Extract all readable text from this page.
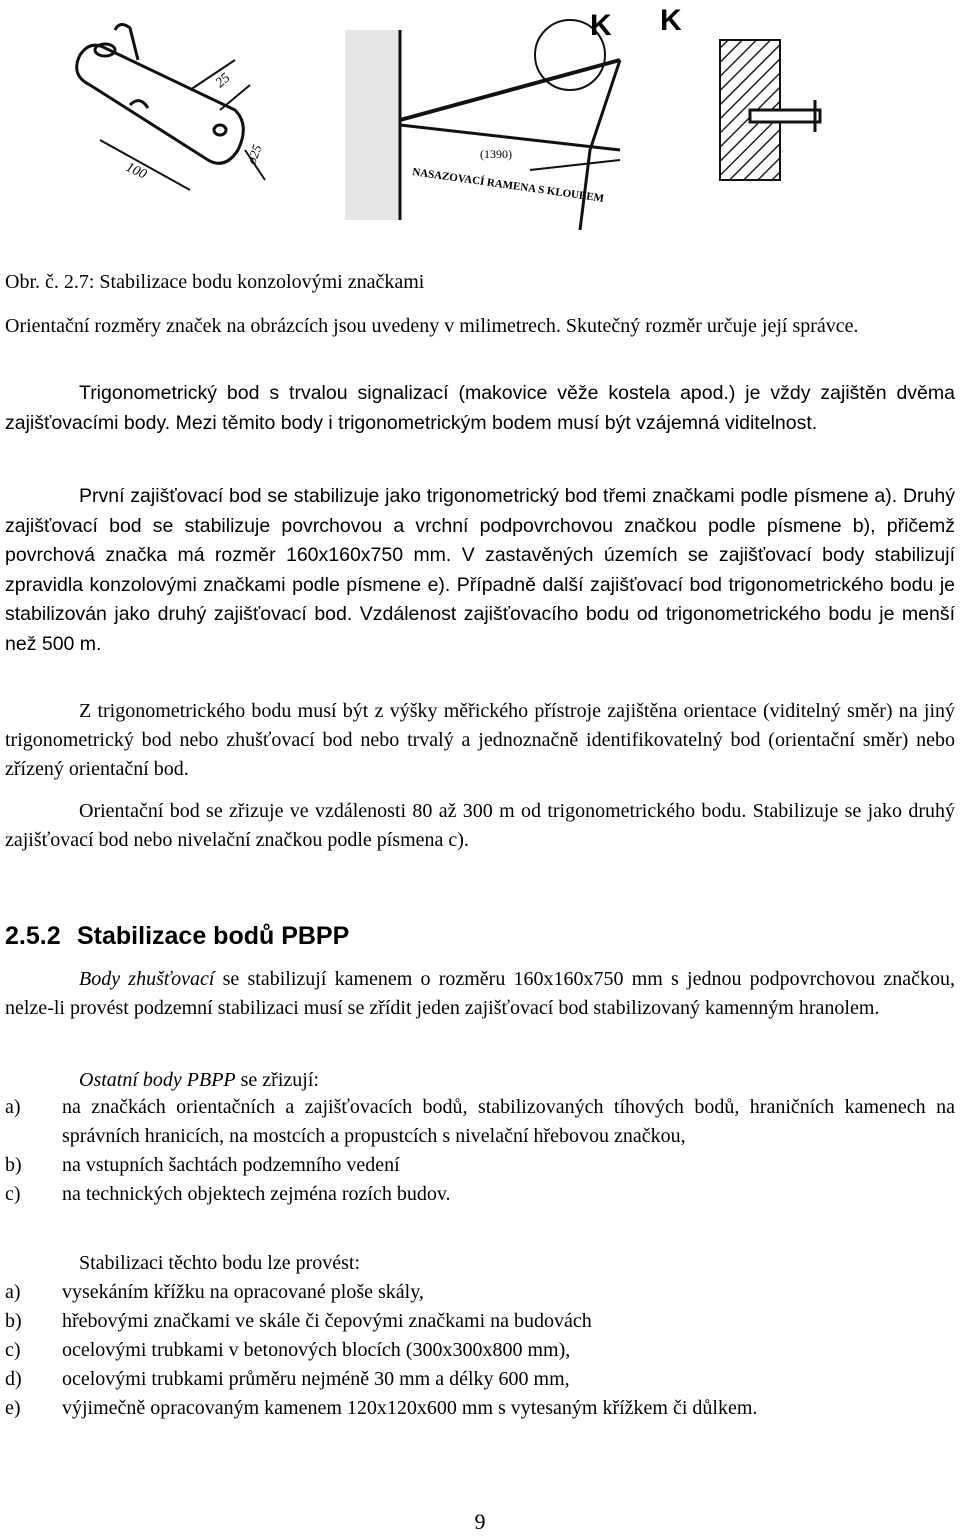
25
100
ø25	(1390)
NASAZOVACÍ RAMENA S KLOUBEM
K K
Obr. č. 2.7: Stabilizace bodu konzolovými značkami
Orientační rozměry značek na obrázcích jsou uvedeny v milimetrech. Skutečný rozměr určuje její správce.
Trigonometrický bod s trvalou signalizací (makovice věže kostela apod.) je vždy zajištěn dvěma zajišťovacími body. Mezi těmito body i trigonometrickým bodem musí být vzájemná viditelnost.
První zajišťovací bod se stabilizuje jako trigonometrický bod třemi značkami podle písmene a). Druhý zajišťovací bod se stabilizuje povrchovou a vrchní podpovrchovou značkou podle písmene b), přičemž povrchová značka má rozměr 160x160x750 mm. V zastavěných územích se zajišťovací body stabilizují zpravidla konzolovými značkami podle písmene e). Případně další zajišťovací bod trigonometrického bodu je stabilizován jako druhý zajišťovací bod. Vzdálenost zajišťovacího bodu od trigonometrického bodu je menší než 500 m.
Z trigonometrického bodu musí být z výšky měřického přístroje zajištěna orientace (viditelný směr) na jiný trigonometrický bod nebo zhušťovací bod nebo trvalý a jednoznačně identifikovatelný bod (orientační směr) nebo zřízený orientační bod.
Orientační bod se zřizuje ve vzdálenosti 80 až 300 m od trigonometrického bodu. Stabilizuje se jako druhý zajišťovací bod nebo nivelační značkou podle písmena c).
2.5.2 Stabilizace bodů PBPP
Body zhušťovací se stabilizují kamenem o rozměru 160x160x750 mm s jednou podpovrchovou značkou, nelze-li provést podzemní stabilizaci musí se zřídit jeden zajišťovací bod stabilizovaný kamenným hranolem.
Ostatní body PBPP se zřizují:
a)	na značkách orientačních a zajišťovacích bodů, stabilizovaných tíhových bodů, hraničních kamenech na správních hranicích, na mostcích a propustcích s nivelační hřebovou značkou,
b)	na vstupních šachtách podzemního vedení
c)	na technických objektech zejména rozích budov.
Stabilizaci těchto bodu lze provést:
a)	vysekáním křížku na opracované ploše skály,
b)	hřebovými značkami ve skále či čepovými značkami na budovách
c)	ocelovými trubkami v betonových blocích (300x300x800 mm),
d)	ocelovými trubkami průměru nejméně 30 mm a délky 600 mm,
e)	výjimečně opracovaným kamenem 120x120x600 mm s vytesaným křížkem či důlkem.
9
